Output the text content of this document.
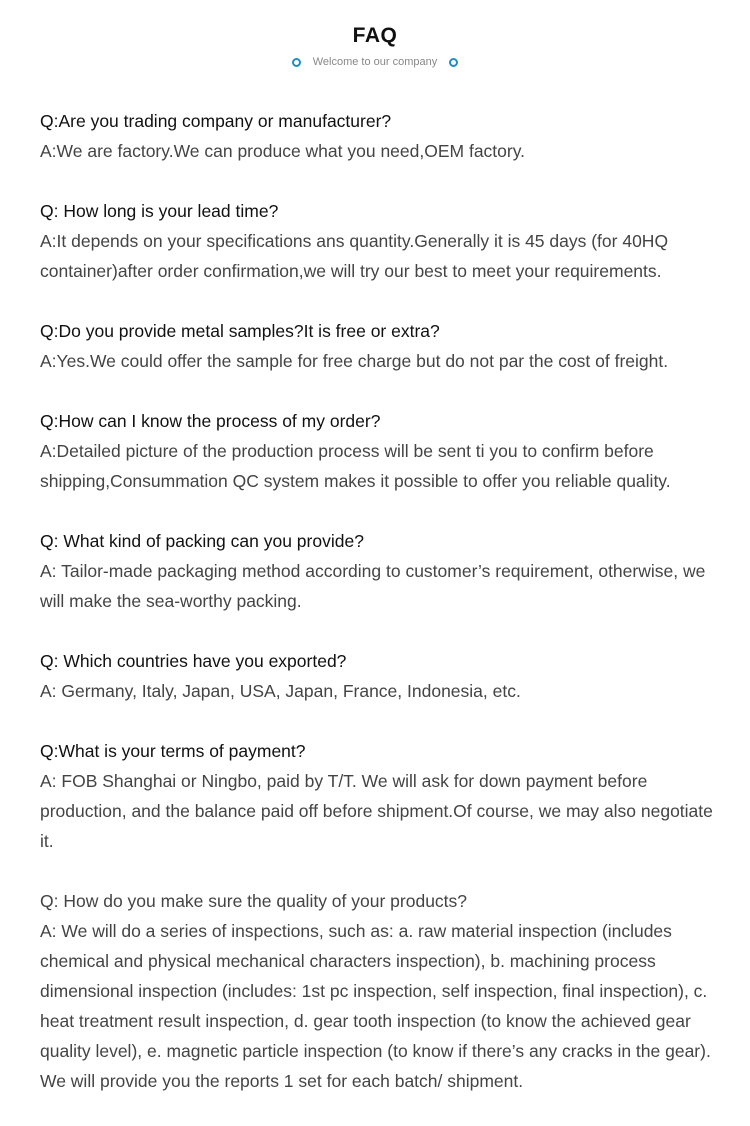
FAQ
Welcome to our company

Q:Are you trading company or manufacturer?

A:We are factory.We can produce what you need,OEM factory.

Q: How long is your lead time?

A:It depends on your specifications ans quantity.Generally it is 45 days (for 40HQ container)after order confirmation,we will try our best to meet your requirements.

Q:Do you provide metal samples?It is free or extra?

A:Yes.We could offer the sample for free charge but do not par the cost of freight.

Q:How can I know the process of my order?

A:Detailed picture of the production process will be sent ti you to confirm before shipping,Consummation QC system makes it possible to offer you reliable quality.

Q: What kind of packing can you provide?

A: Tailor-made packaging method according to customer’s requirement, otherwise, we will make the sea-worthy packing.

Q: Which countries have you exported?

A: Germany, Italy, Japan, USA, Japan, France, Indonesia, etc.

Q:What is your terms of payment?

A: FOB Shanghai or Ningbo, paid by T/T. We will ask for down payment before production, and the balance paid off before shipment.Of course, we may also negotiate it.

Q: How do you make sure the quality of your products?

A: We will do a series of inspections, such as: a. raw material inspection (includes chemical and physical mechanical characters inspection), b. machining process dimensional inspection (includes: 1st pc inspection, self inspection, final inspection), c. heat treatment result inspection, d. gear tooth inspection (to know the achieved gear quality level), e. magnetic particle inspection (to know if there’s any cracks in the gear). We will provide you the reports 1 set for each batch/ shipment.
